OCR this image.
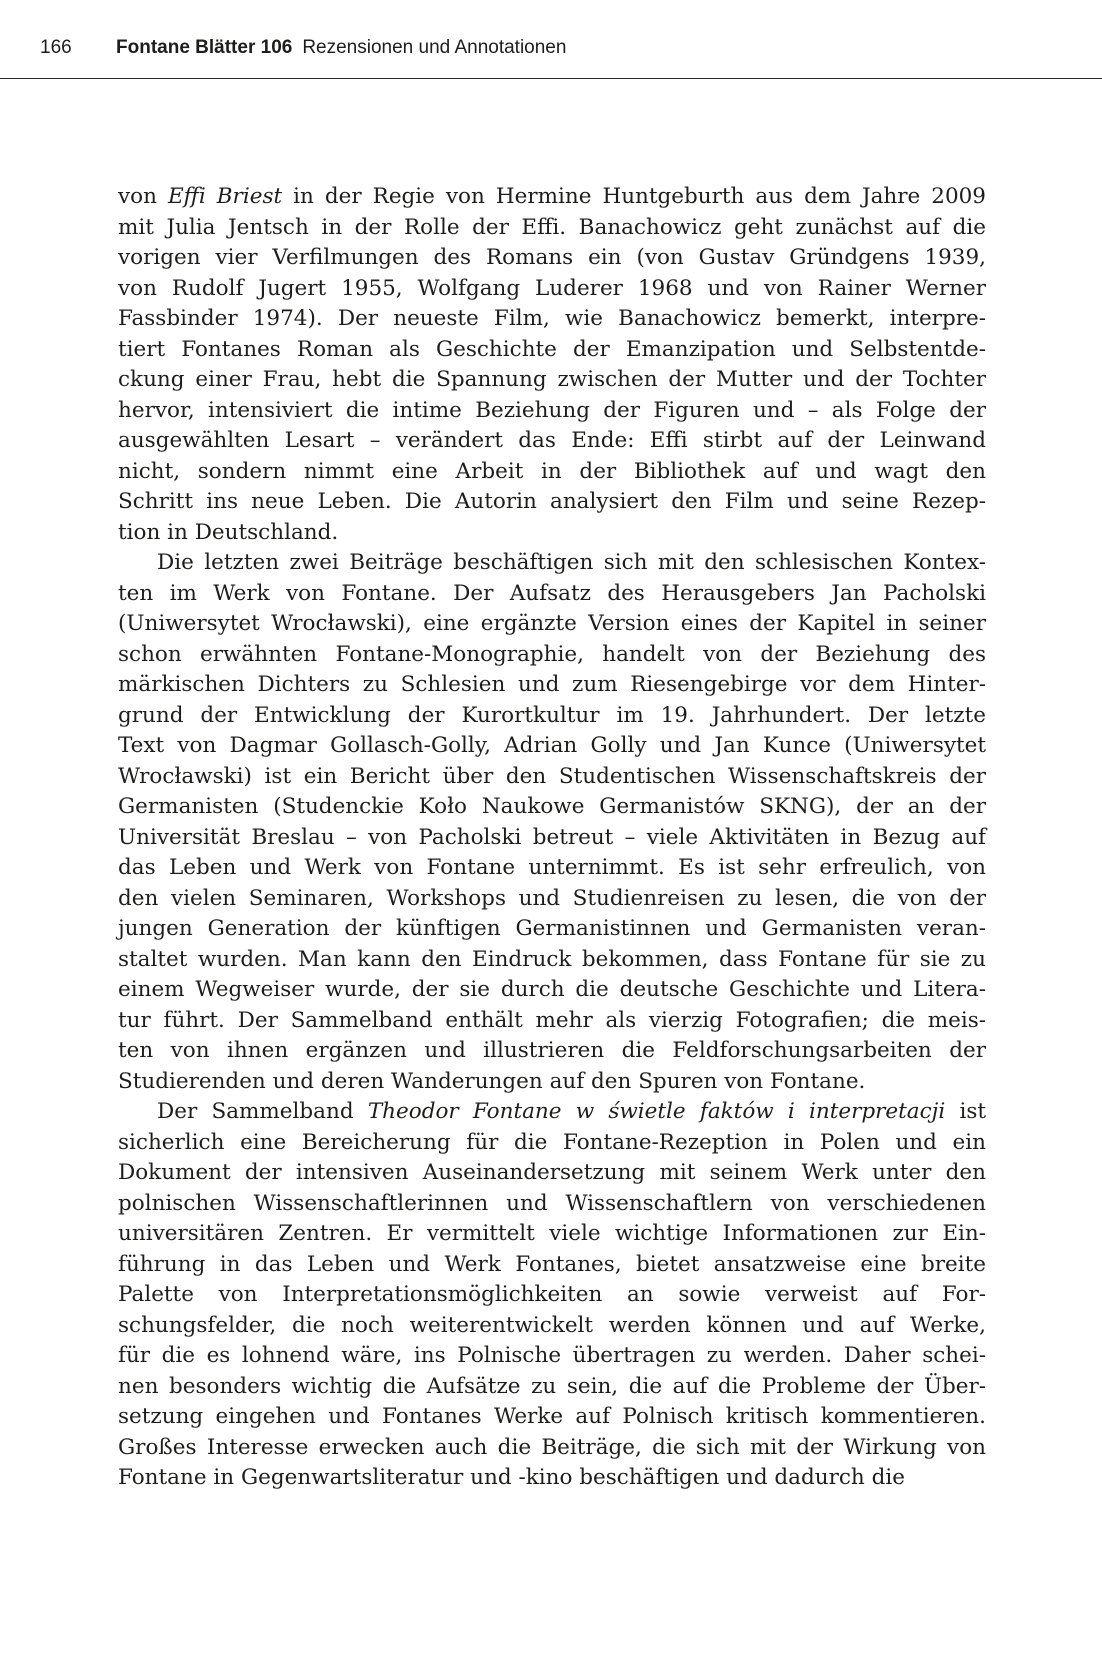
166 Fontane Blätter 106 Rezensionen und Annotationen
von Effi Briest in der Regie von Hermine Huntgeburth aus dem Jahre 2009
mit Julia Jentsch in der Rolle der Effi. Banachowicz geht zunächst auf die
vorigen vier Verfilmungen des Romans ein (von Gustav Gründgens 1939,
von Rudolf Jugert 1955, Wolfgang Luderer 1968 und von Rainer Werner
Fassbinder 1974). Der neueste Film, wie Banachowicz bemerkt, interpre-
tiert Fontanes Roman als Geschichte der Emanzipation und Selbstentde-
ckung einer Frau, hebt die Spannung zwischen der Mutter und der Tochter
hervor, intensiviert die intime Beziehung der Figuren und – als Folge der
ausgewählten Lesart – verändert das Ende: Effi stirbt auf der Leinwand
nicht, sondern nimmt eine Arbeit in der Bibliothek auf und wagt den
Schritt ins neue Leben. Die Autorin analysiert den Film und seine Rezep-
tion in Deutschland.
Die letzten zwei Beiträge beschäftigen sich mit den schlesischen Kontex-
ten im Werk von Fontane. Der Aufsatz des Herausgebers Jan Pacholski
(Uniwersytet Wrocławski), eine ergänzte Version eines der Kapitel in seiner
schon erwähnten Fontane-Monographie, handelt von der Beziehung des
märkischen Dichters zu Schlesien und zum Riesengebirge vor dem Hinter-
grund der Entwicklung der Kurortkultur im 19. Jahrhundert. Der letzte
Text von Dagmar Gollasch-Golly, Adrian Golly und Jan Kunce (Uniwersytet
Wrocławski) ist ein Bericht über den Studentischen Wissenschaftskreis der
Germanisten (Studenckie Koło Naukowe Germanistów SKNG), der an der
Universität Breslau – von Pacholski betreut – viele Aktivitäten in Bezug auf
das Leben und Werk von Fontane unternimmt. Es ist sehr erfreulich, von
den vielen Seminaren, Workshops und Studienreisen zu lesen, die von der
jungen Generation der künftigen Germanistinnen und Germanisten veran-
staltet wurden. Man kann den Eindruck bekommen, dass Fontane für sie zu
einem Wegweiser wurde, der sie durch die deutsche Geschichte und Litera-
tur führt. Der Sammelband enthält mehr als vierzig Fotografien; die meis-
ten von ihnen ergänzen und illustrieren die Feldforschungsarbeiten der
Studierenden und deren Wanderungen auf den Spuren von Fontane.
Der Sammelband Theodor Fontane w świetle faktów i interpretacji ist
sicherlich eine Bereicherung für die Fontane-Rezeption in Polen und ein
Dokument der intensiven Auseinandersetzung mit seinem Werk unter den
polnischen Wissenschaftlerinnen und Wissenschaftlern von verschiedenen
universitären Zentren. Er vermittelt viele wichtige Informationen zur Ein-
führung in das Leben und Werk Fontanes, bietet ansatzweise eine breite
Palette von Interpretationsmöglichkeiten an sowie verweist auf For-
schungsfelder, die noch weiterentwickelt werden können und auf Werke,
für die es lohnend wäre, ins Polnische übertragen zu werden. Daher schei-
nen besonders wichtig die Aufsätze zu sein, die auf die Probleme der Über-
setzung eingehen und Fontanes Werke auf Polnisch kritisch kommentieren.
Großes Interesse erwecken auch die Beiträge, die sich mit der Wirkung von
Fontane in Gegenwartsliteratur und -kino beschäftigen und dadurch die
